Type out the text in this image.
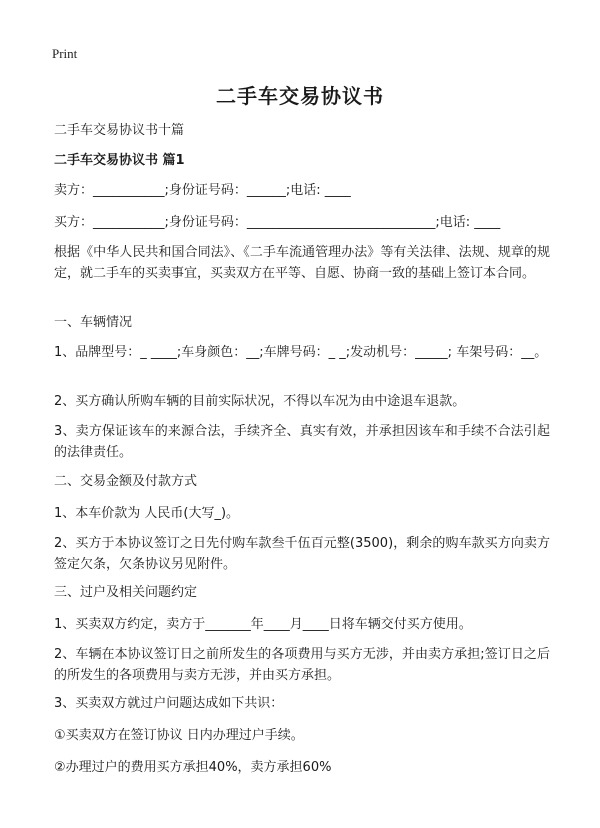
Print
二手车交易协议书
二手车交易协议书十篇
二手车交易协议书 篇1
卖方：___________;身份证号码：______;电话: ____
买方：___________;身份证号码：_____________________________;电话: ____
根据《中华人民共和国合同法》、《二手车流通管理办法》等有关法律、法规、规章的规定，就二手车的买卖事宜，买卖双方在平等、自愿、协商一致的基础上签订本合同。
一、车辆情况
1、品牌型号：_ ____;车身颜色：__;车牌号码：_ _;发动机号：_____; 车架号码：__。
2、买方确认所购车辆的目前实际状况，不得以车况为由中途退车退款。
3、卖方保证该车的来源合法，手续齐全、真实有效，并承担因该车和手续不合法引起的法律责任。
二、交易金额及付款方式
1、本车价款为 人民币(大写_)。
2、买方于本协议签订之日先付购车款叁千伍百元整(3500)，剩余的购车款买方向卖方签定欠条，欠条协议另见附件。
三、过户及相关问题约定
1、买卖双方约定，卖方于_______年____月____日将车辆交付买方使用。
2、车辆在本协议签订日之前所发生的各项费用与买方无涉，并由卖方承担;签订日之后的所发生的各项费用与卖方无涉，并由买方承担。
3、买卖双方就过户问题达成如下共识：
①买卖双方在签订协议 日内办理过户手续。
②办理过户的费用买方承担40%，卖方承担60%
